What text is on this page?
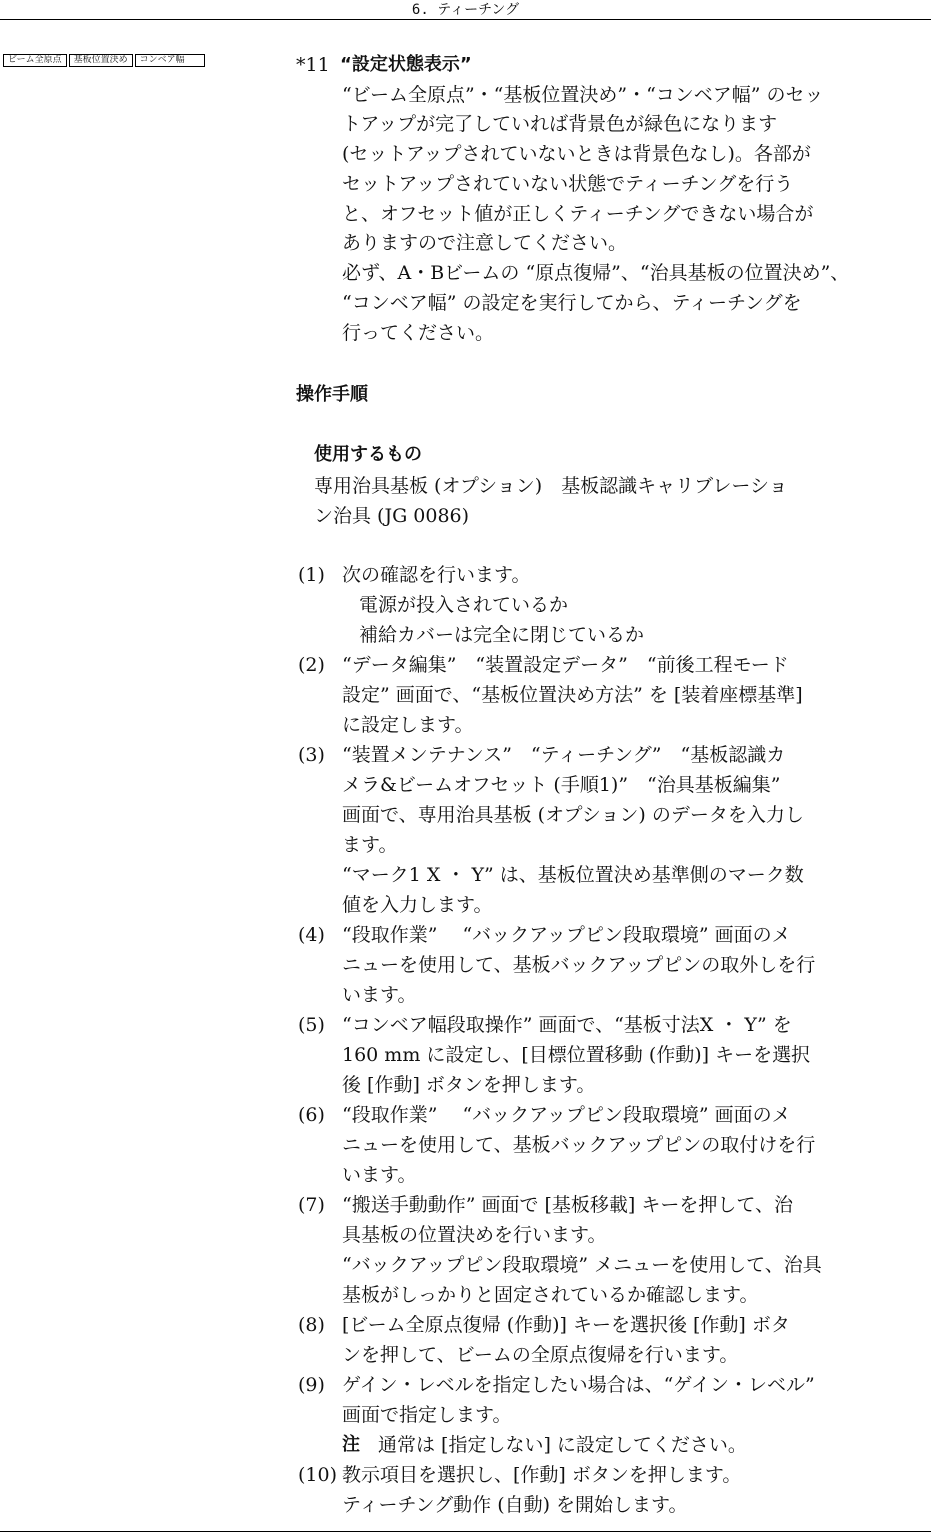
6. ティーチング
ビーム全原点	基板位置決め	コンベア幅	*11 “設定状態表示”
“ビーム全原点”・“基板位置決め”・“コンベア幅” のセッ
トアップが完了していれば背景色が緑色になります
(セットアップされていないときは背景色なし)。各部が
セットアップされていない状態でティーチングを行う
と、オフセット値が正しくティーチングできない場合が
ありますので注意してください。
必ず、A・Bビームの “原点復帰”、“治具基板の位置決め”、
“コンベア幅” の設定を実行してから、ティーチングを
行ってください。
操作手順
使用するもの
専用治具基板 (オプション)　基板認識キャリブレーショ
ン治具 (JG 0086)
(1) 次の確認を行います。
電源が投入されているか
補給カバーは完全に閉じているか
(2) “データ編集”　“装置設定データ”　“前後工程モード
設定” 画面で、“基板位置決め方法” を [装着座標基準]
に設定します。
(3) “装置メンテナンス”　“ティーチング”　“基板認識カ
メラ&ビームオフセット (手順1)”　“治具基板編集”
画面で、専用治具基板 (オプション) のデータを入力し
ます。
“マーク1 X ・ Y” は、基板位置決め基準側のマーク数
値を入力します。
(4) “段取作業”　 “バックアップピン段取環境” 画面のメ
ニューを使用して、基板バックアップピンの取外しを行
います。
(5) “コンベア幅段取操作” 画面で、“基板寸法X ・ Y” を
160 mm に設定し、[目標位置移動 (作動)] キーを選択
後 [作動] ボタンを押します。
(6) “段取作業”　 “バックアップピン段取環境” 画面のメ
ニューを使用して、基板バックアップピンの取付けを行
います。
(7) “搬送手動動作” 画面で [基板移載] キーを押して、治
具基板の位置決めを行います。
“バックアップピン段取環境” メニューを使用して、治具
基板がしっかりと固定されているか確認します。
(8) [ビーム全原点復帰 (作動)] キーを選択後 [作動] ボタ
ンを押して、ビームの全原点復帰を行います。
(9) ゲイン・レベルを指定したい場合は、“ゲイン・レベル”
画面で指定します。
注 通常は [指定しない] に設定してください。
(10) 教示項目を選択し、[作動] ボタンを押します。
ティーチング動作 (自動) を開始します。
